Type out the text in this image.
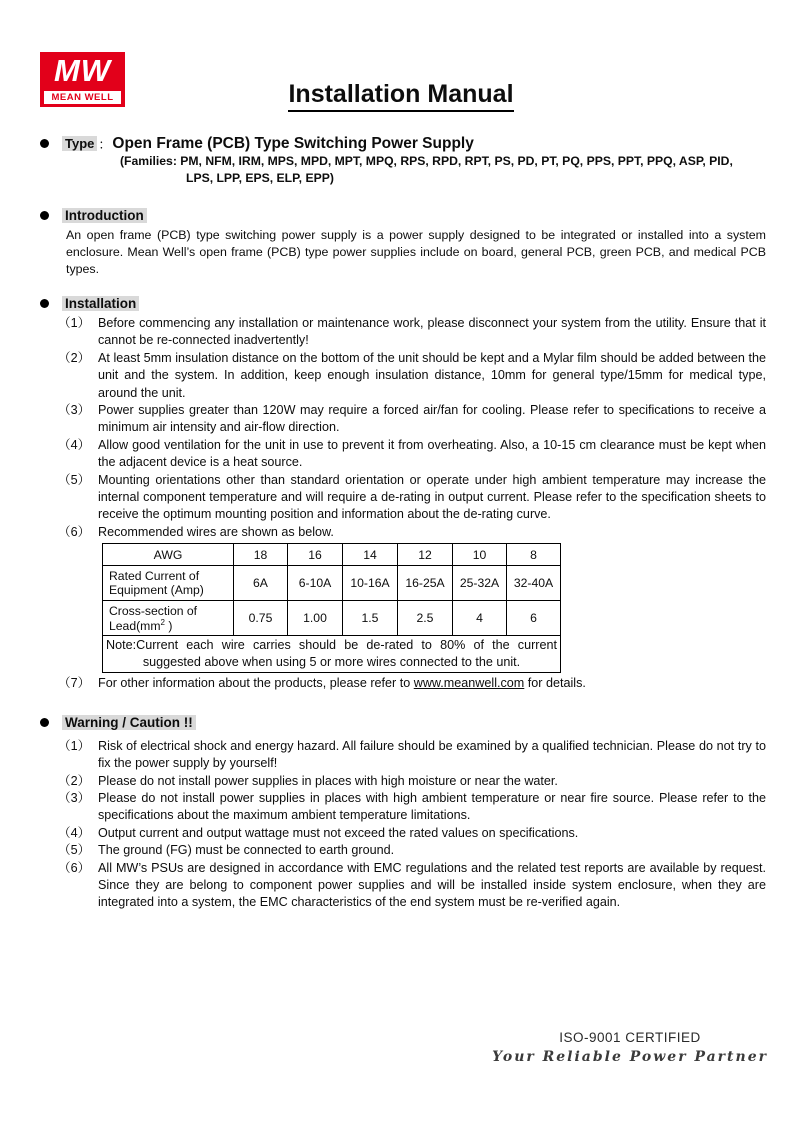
MW
MEAN WELL	Installation Manual
Type ： Open Frame (PCB) Type Switching Power Supply
(Families: PM, NFM, IRM, MPS, MPD, MPT, MPQ, RPS, RPD, RPT, PS, PD, PT, PQ, PPS, PPT, PPQ, ASP, PID,
LPS, LPP, EPS, ELP, EPP)
Introduction
An open frame (PCB) type switching power supply is a power supply designed to be integrated or installed into a system enclosure. Mean Well’s open frame (PCB) type power supplies include on board, general PCB, green PCB, and medical PCB types.
Installation
（1） Before commencing any installation or maintenance work, please disconnect your system from the utility. Ensure that it cannot be re-connected inadvertently!
（2） At least 5mm insulation distance on the bottom of the unit should be kept and a Mylar film should be added between the unit and the system. In addition, keep enough insulation distance, 10mm for general type/15mm for medical type, around the unit.
（3） Power supplies greater than 120W may require a forced air/fan for cooling. Please refer to specifications to receive a minimum air intensity and air-flow direction.
（4） Allow good ventilation for the unit in use to prevent it from overheating. Also, a 10-15 cm clearance must be kept when the adjacent device is a heat source.
（5） Mounting orientations other than standard orientation or operate under high ambient temperature may increase the internal component temperature and will require a de-rating in output current. Please refer to the specification sheets to receive the optimum mounting position and information about the de-rating curve.
（6） Recommended wires are shown as below.
AWG	18	16	14	12	10	8
Rated Current of Equipment (Amp)	6A	6-10A	10-16A	16-25A	25-32A	32-40A
Cross-section of
$Lead(mm^2$ )	0.75	1.00	1.5	2.5	4	6

Note:Current each wire carries should be de-rated to 80% of the current
suggested above when using 5 or more wires connected to the unit.						
（7） For other information about the products, please refer to www.meanwell.com for details.
Warning / Caution !!
（1） Risk of electrical shock and energy hazard. All failure should be examined by a qualified technician. Please do not try to fix the power supply by yourself!
（2） Please do not install power supplies in places with high moisture or near the water.
（3） Please do not install power supplies in places with high ambient temperature or near fire source. Please refer to the specifications about the maximum ambient temperature limitations.
（4） Output current and output wattage must not exceed the rated values on specifications.
（5） The ground (FG) must be connected to earth ground.
（6） All MW’s PSUs are designed in accordance with EMC regulations and the related test reports are available by request. Since they are belong to component power supplies and will be installed inside system enclosure, when they are integrated into a system, the EMC characteristics of the end system must be re-verified again.
ISO-9001 CERTIFIED
Your Reliable Power Partner
